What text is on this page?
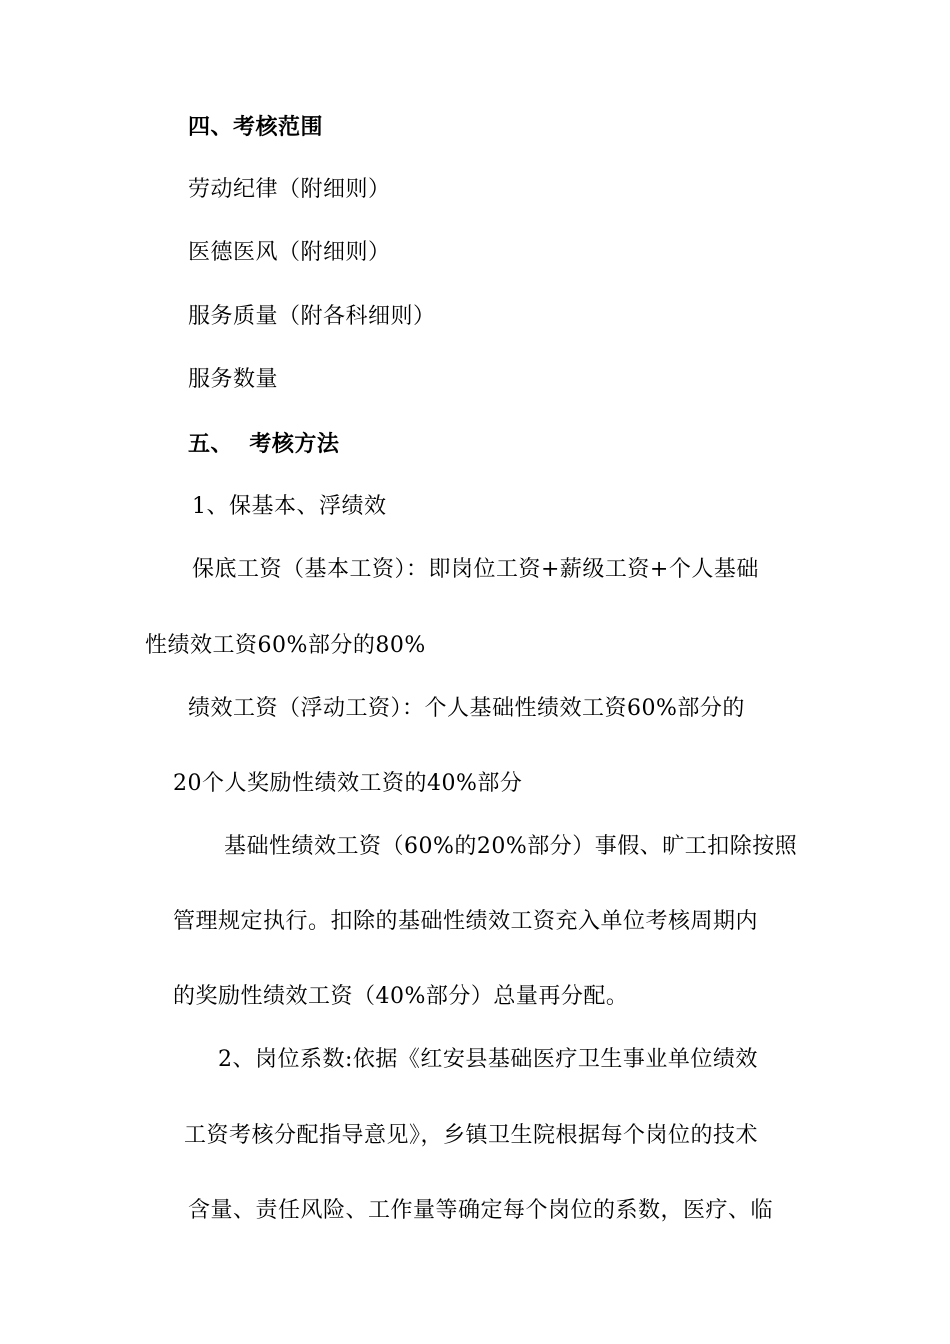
四、考核范围

劳动纪律（附细则）

医德医风（附细则）

服务质量（附各科细则）

服务数量

五、  考核方法

1、保基本、浮绩效

保底工资（基本工资）：即岗位工资+薪级工资+个人基础

性绩效工资60%部分的80%

绩效工资（浮动工资）：个人基础性绩效工资60%部分的

20个人奖励性绩效工资的40%部分

基础性绩效工资（60%的20%部分）事假、旷工扣除按照

管理规定执行。扣除的基础性绩效工资充入单位考核周期内

的奖励性绩效工资（40%部分）总量再分配。

2、岗位系数:依据《红安县基础医疗卫生事业单位绩效

工资考核分配指导意见》，乡镇卫生院根据每个岗位的技术

含量、责任风险、工作量等确定每个岗位的系数，医疗、临
